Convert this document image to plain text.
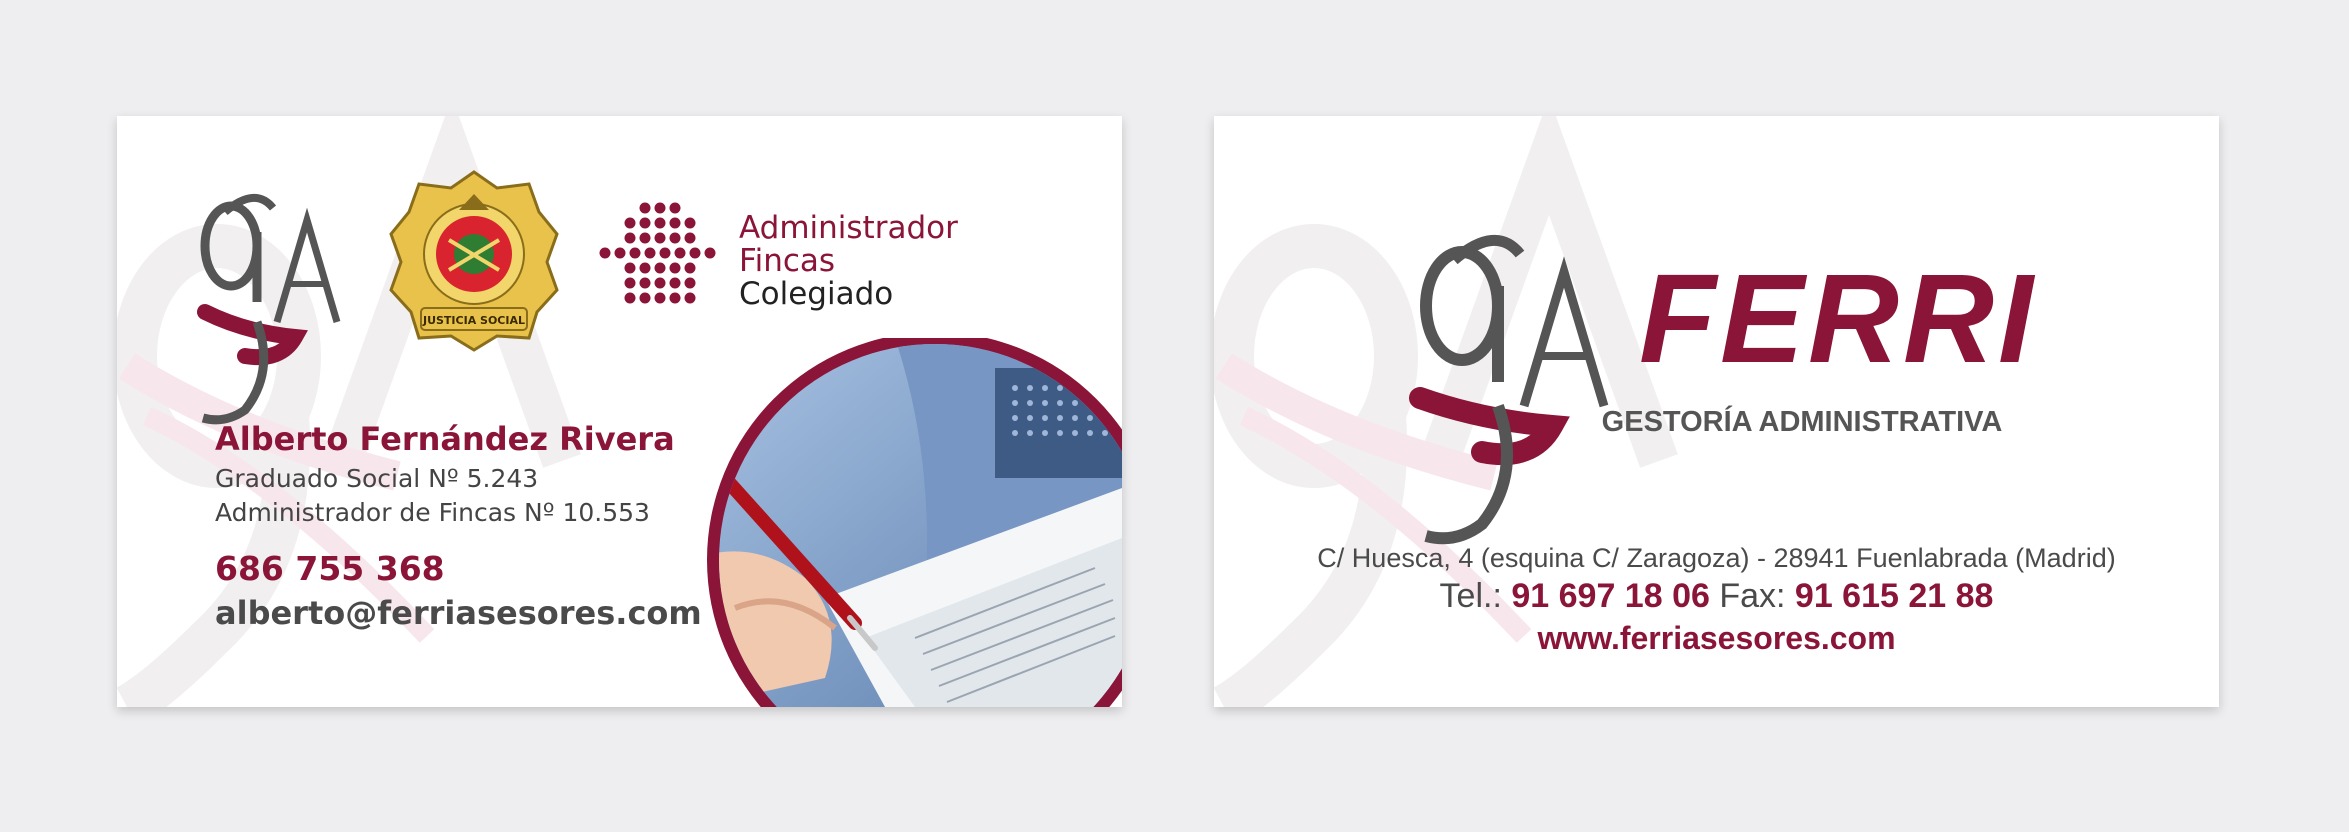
JUSTICIA SOCIAL
Administrador
Fincas
Colegiado
Alberto Fernández Rivera
Graduado Social Nº 5.243
Administrador de Fincas Nº 10.553
686 755 368
alberto@ferriasesores.com
FERRI
GESTORÍA ADMINISTRATIVA
C/ Huesca, 4 (esquina C/ Zaragoza) - 28941 Fuenlabrada (Madrid)
Tel.: 91 697 18 06 Fax: 91 615 21 88
www.ferriasesores.com
